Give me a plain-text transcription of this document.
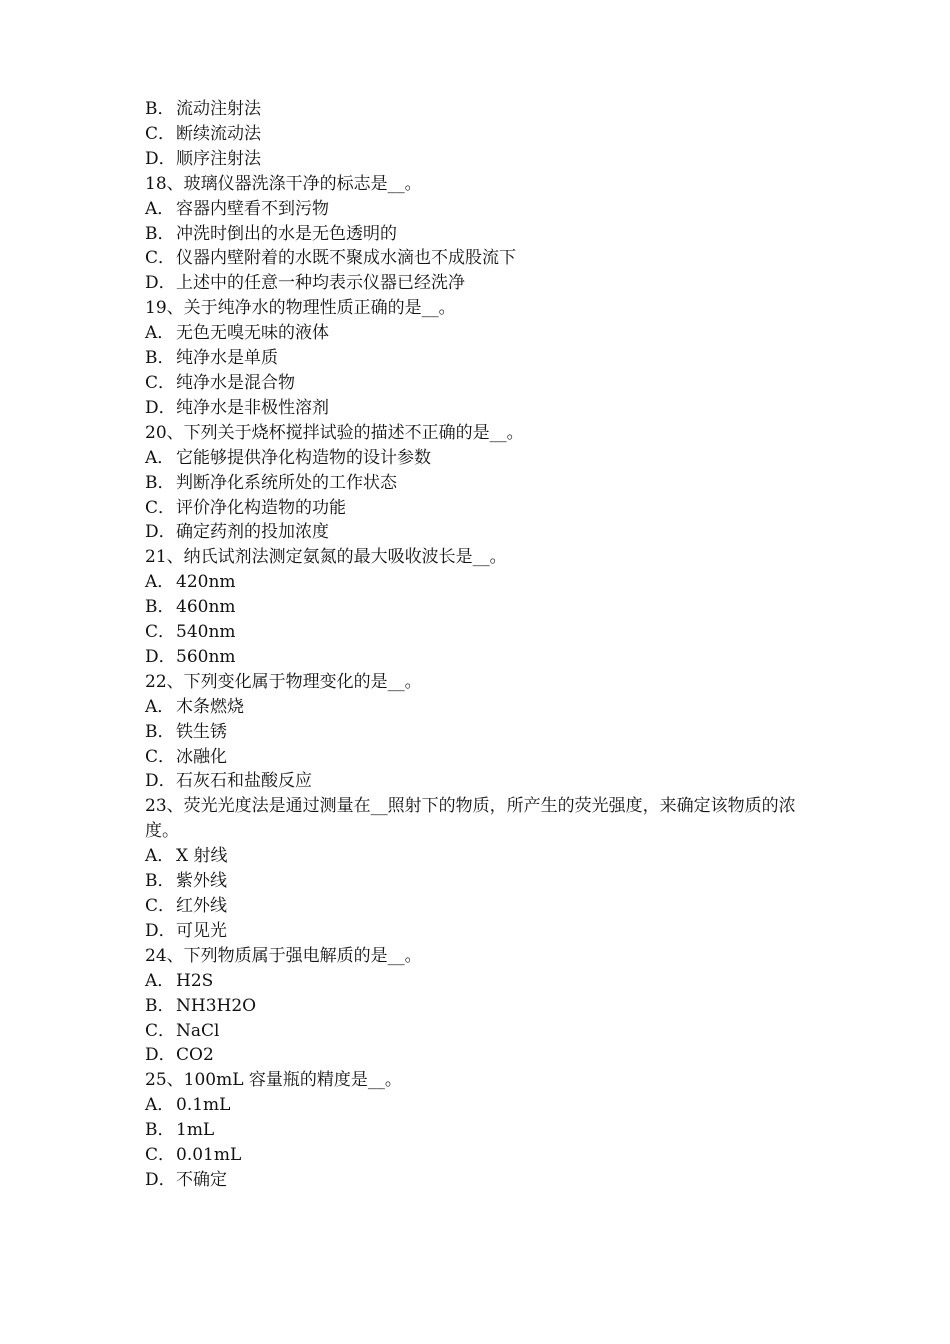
B．流动注射法
C．断续流动法
D．顺序注射法
18、玻璃仪器洗涤干净的标志是__。
A． 容器内壁看不到污物
B．冲洗时倒出的水是无色透明的
C．仪器内壁附着的水既不聚成水滴也不成股流下
D．上述中的任意一种均表示仪器已经洗净
19、关于纯净水的物理性质正确的是__。
A． 无色无嗅无味的液体
B．纯净水是单质
C．纯净水是混合物
D．纯净水是非极性溶剂
20、下列关于烧杯搅拌试验的描述不正确的是__。
A． 它能够提供净化构造物的设计参数
B．判断净化系统所处的工作状态
C．评价净化构造物的功能
D．确定药剂的投加浓度
21、纳氏试剂法测定氨氮的最大吸收波长是__。
A． 420nm
B．460nm
C．540nm
D．560nm
22、下列变化属于物理变化的是__。
A． 木条燃烧
B．铁生锈
C．冰融化
D．石灰石和盐酸反应
23、荧光光度法是通过测量在__照射下的物质，所产生的荧光强度，来确定该物质的浓度。
A． X 射线
B．紫外线
C．红外线
D．可见光
24、下列物质属于强电解质的是__。
A． H2S
B．NH3H2O
C．NaCl
D．CO2
25、100mL 容量瓶的精度是__。
A． 0.1mL
B．1mL
C．0.01mL
D．不确定
